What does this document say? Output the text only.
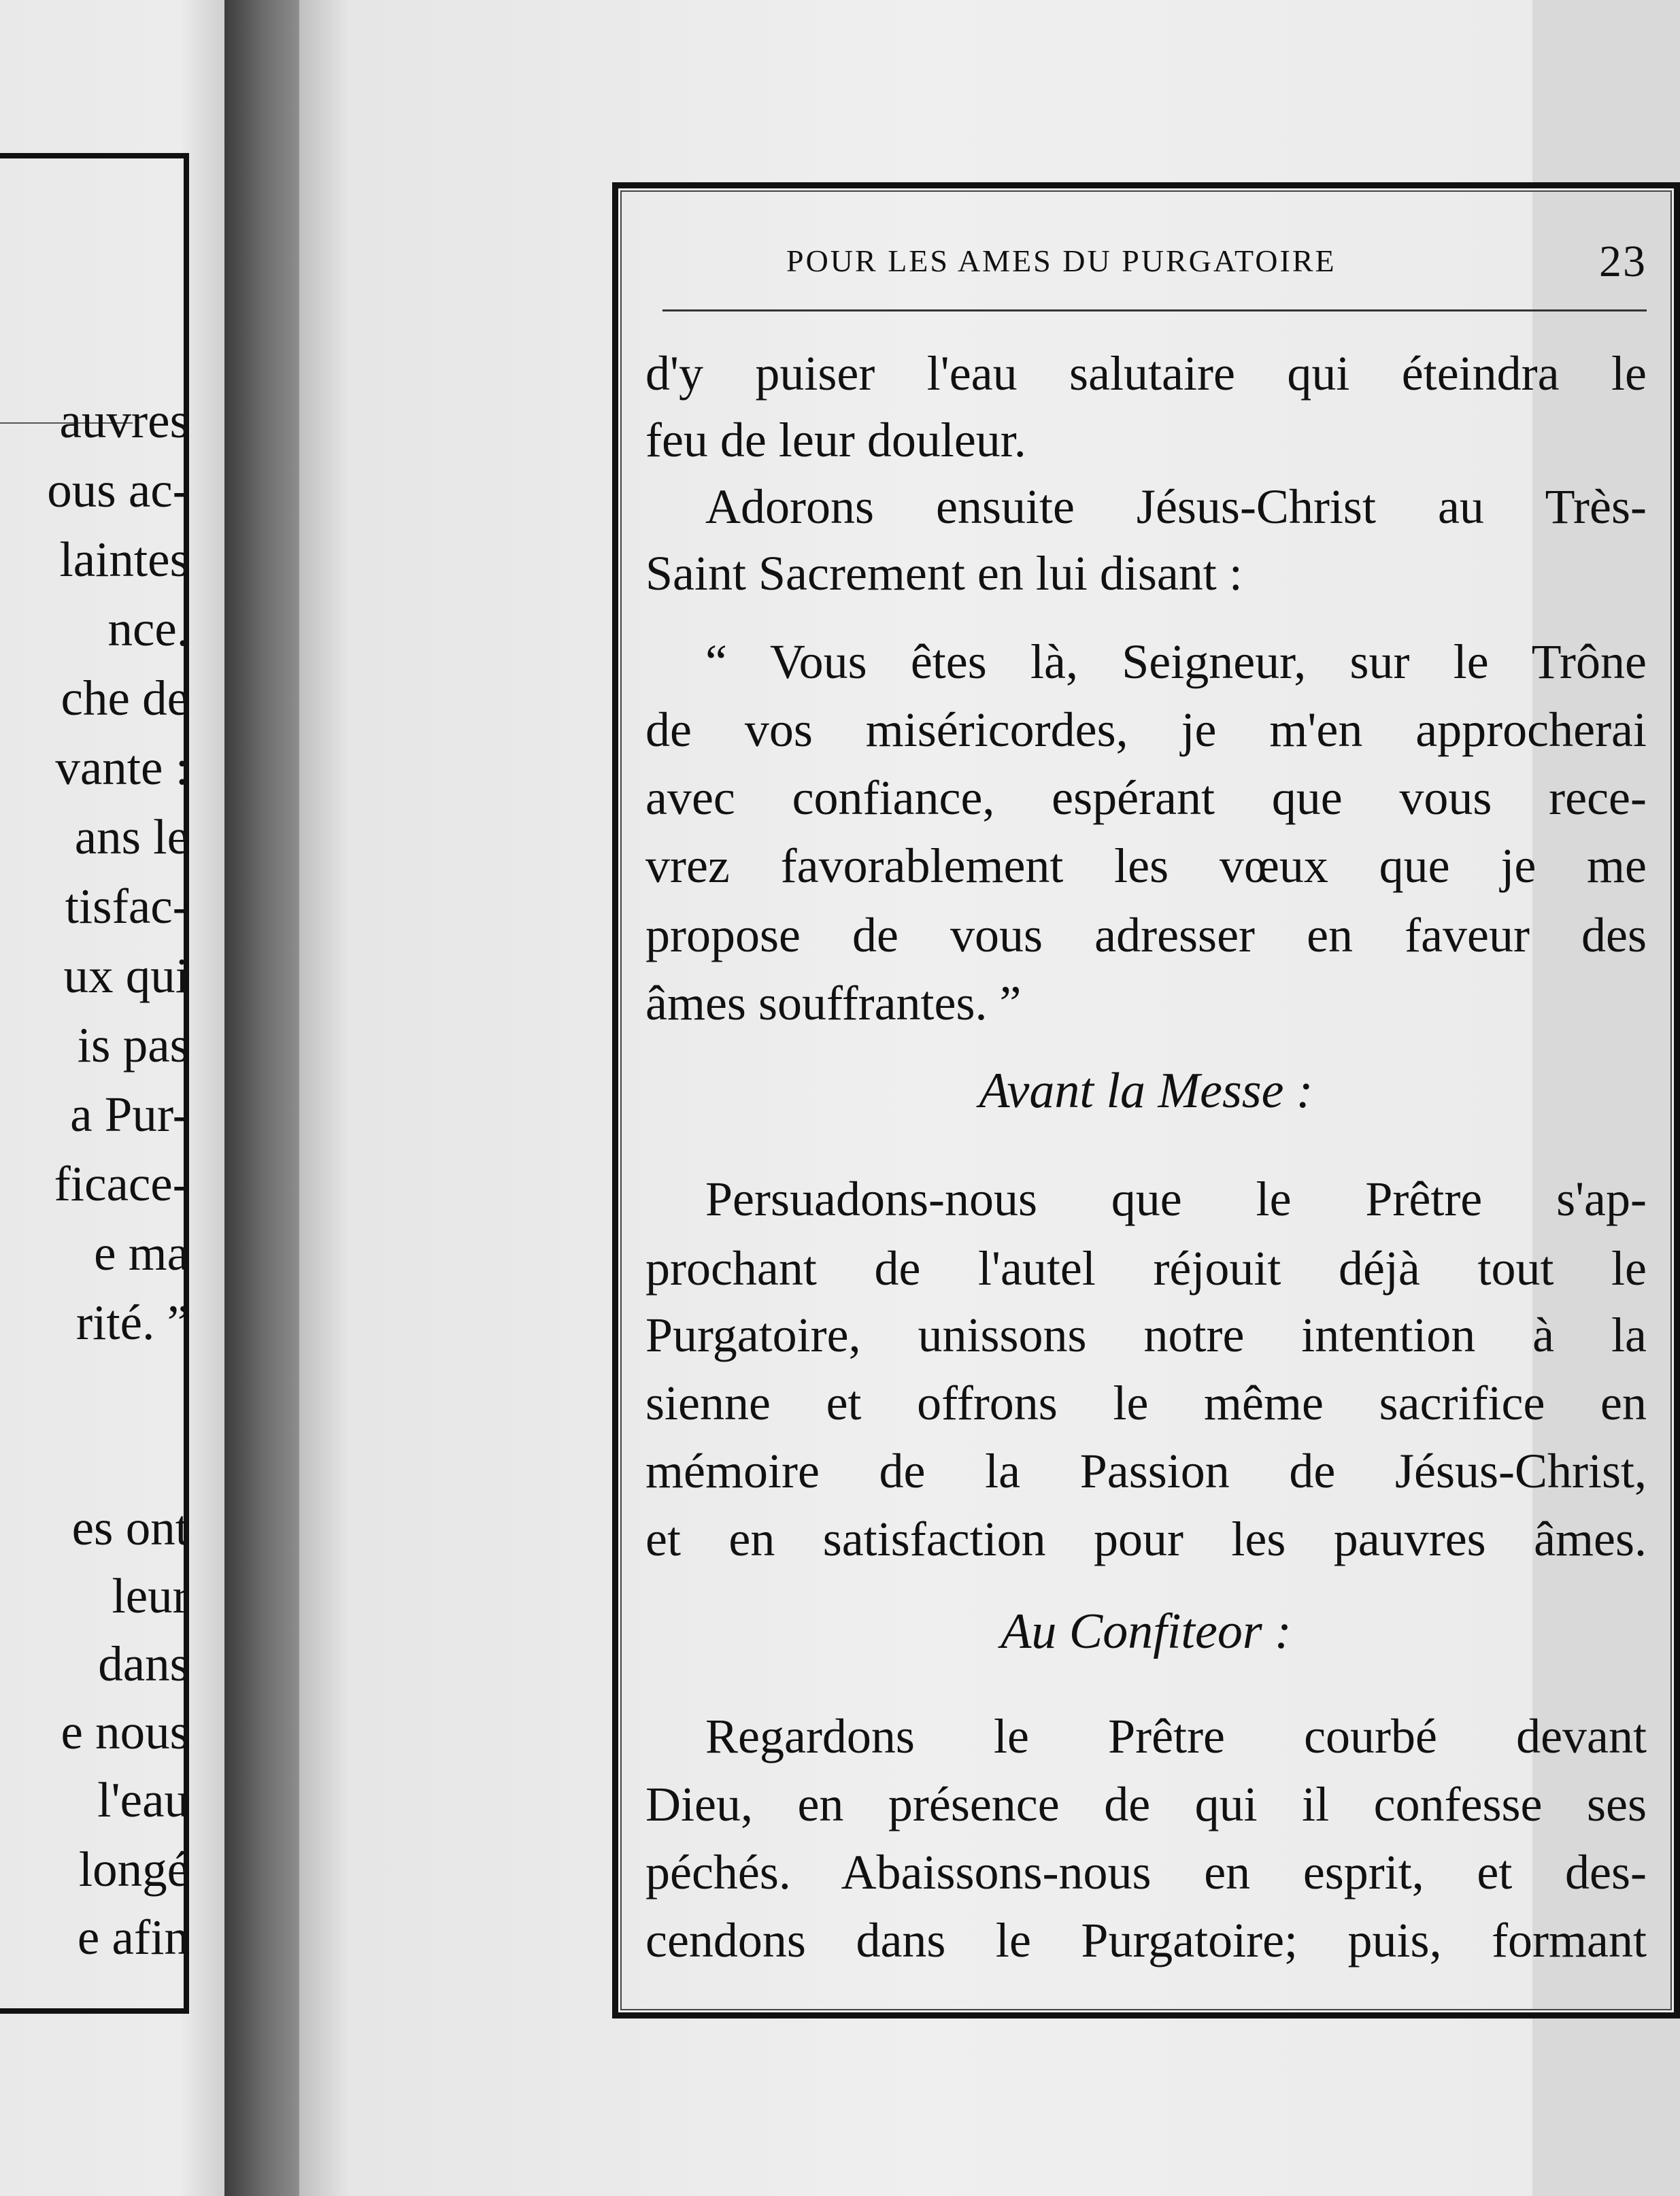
auvres
ous ac-
laintes
nce.
che de
vante :
ans le
tisfac-
ux qui
is pas
a Pur-
ficace-
e ma
rité. ”
es ont
leur
dans
e nous
l'eau
longé
e afin
POUR LES AMES DU PURGATOIRE	23
d'y puiser l'eau salutaire qui éteindra le
feu de leur douleur.
Adorons ensuite Jésus-Christ au Très-
Saint Sacrement en lui disant :
“ Vous êtes là, Seigneur, sur le Trône
de vos miséricordes, je m'en approcherai
avec confiance, espérant que vous rece-
vrez favorablement les vœux que je me
propose de vous adresser en faveur des
âmes souffrantes. ”
Avant la Messe :
Persuadons-nous que le Prêtre s'ap-
prochant de l'autel réjouit déjà tout le
Purgatoire, unissons notre intention à la
sienne et offrons le même sacrifice en
mémoire de la Passion de Jésus-Christ,
et en satisfaction pour les pauvres âmes.
Au Confiteor :
Regardons le Prêtre courbé devant
Dieu, en présence de qui il confesse ses
péchés. Abaissons-nous en esprit, et des-
cendons dans le Purgatoire; puis, formant
